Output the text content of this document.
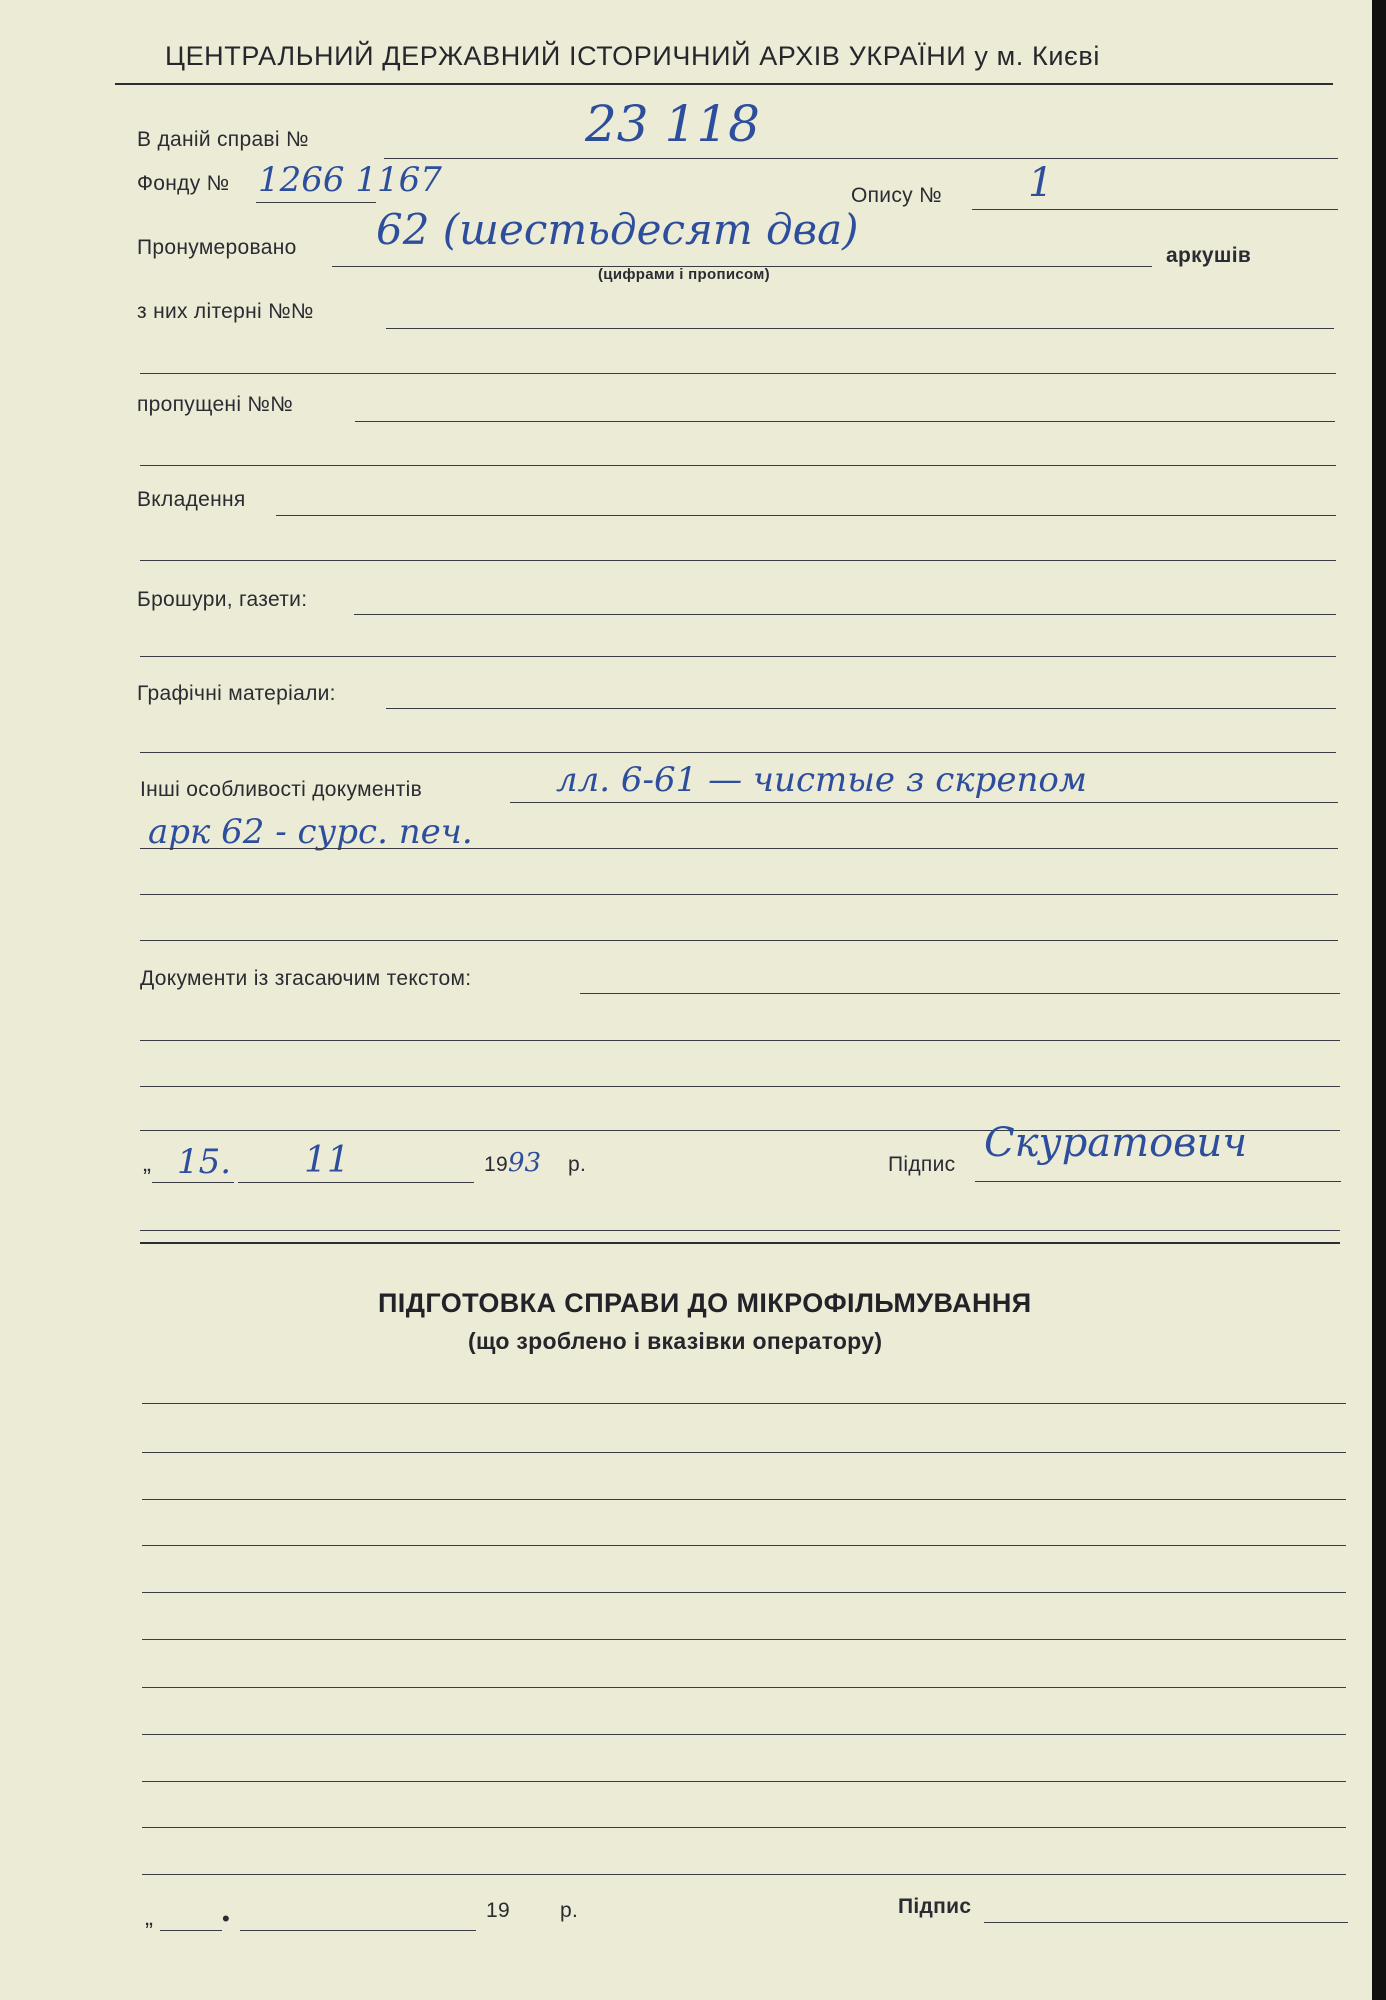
ЦЕНТРАЛЬНИЙ ДЕРЖАВНИЙ ІСТОРИЧНИЙ АРХІВ УКРАЇНИ у м. Києві
В даній справі №	23 118
Фонду № 1266 1167	Опису № 1
Пронумеровано 62 (шестьдесят два)
(цифрами і прописом)
аркушів
з них літерні №№
пропущені №№
Вкладення
Брошури, газети:
Графічні матеріали:
Інші особливості документів	лл. 6-61 — чистые з скрепом
арк 62 - сурс. печ.
Документи із згасаючим текстом:
„ 15. 11	19 93 р.	Підпис Скуратович
ПІДГОТОВКА СПРАВИ ДО МІКРОФІЛЬМУВАННЯ
(що зроблено і вказівки оператору)
„	•	19 р.	Підпис
